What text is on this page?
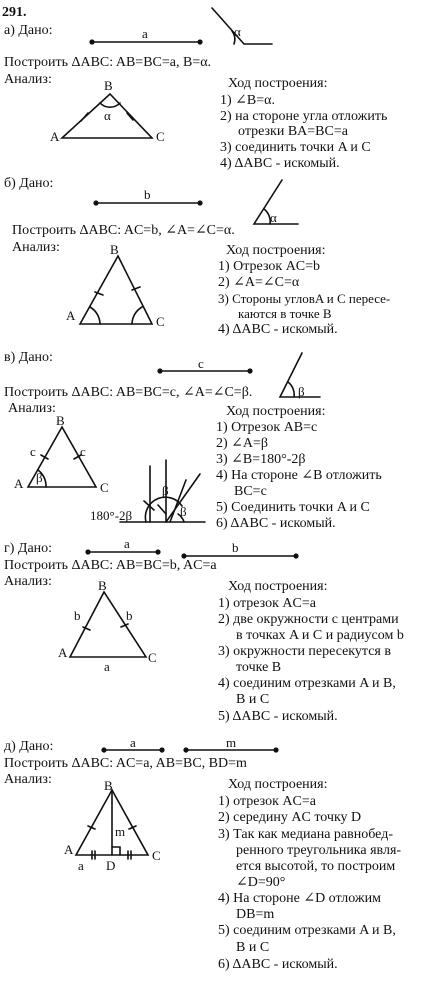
291.
а) Дано:
Построить ΔABC: AB=BC=a, B=α.
Анализ:	Ход построения:
1) ∠B=α.
2) на стороне угла отложить
отрезки BA=BC=a
3) соединить точки A и C
4) ΔABC - искомый.
б) Дано:
Построить ΔABC: AC=b, ∠A=∠C=α.
Анализ:	Ход построения:
1) Отрезок AC=b
2) ∠A=∠C=α
3) Стороны угловA и C пересе-
каются в точке B
4) ΔABC - искомый.
в) Дано:
Построить ΔABC: AB=BC=c, ∠A=∠C=β.
Анализ:	Ход построения:
1) Отрезок AB=c
2) ∠A=β
3) ∠B=180°-2β
4) На стороне ∠B отложить
BC=c
5) Соединить точки A и C
6) ΔABC - искомый.
г) Дано:
Построить ΔABC: AB=BC=b, AC=a
Анализ:	Ход построения:
1) отрезок AC=a
2) две окружности с центрами
в точках A и C и радиусом b
3) окружности пересекутся в
точке B
4) соединим отрезками A и B,
B и C
5) ΔABC - искомый.
д) Дано:
Построить ΔABC: AC=a, AB=BC, BD=m
Анализ:	Ход построения:
1) отрезок AC=a
2) середину AC точку D
3) Так как медиана равнобед-
ренного треугольника явля-
ется высотой, то построим
∠D=90°
4) На стороне ∠D отложим
DB=m
5) соединим отрезками A и B,
B и C
6) ΔABC - искомый.
a	α
B
α
A	C
b
α
B
A	C
c
β
B
c	c
A β
C
180°-2β
β
β
a	b
B
b	b
A
a
C
a	m
B
m
A
a D
C
